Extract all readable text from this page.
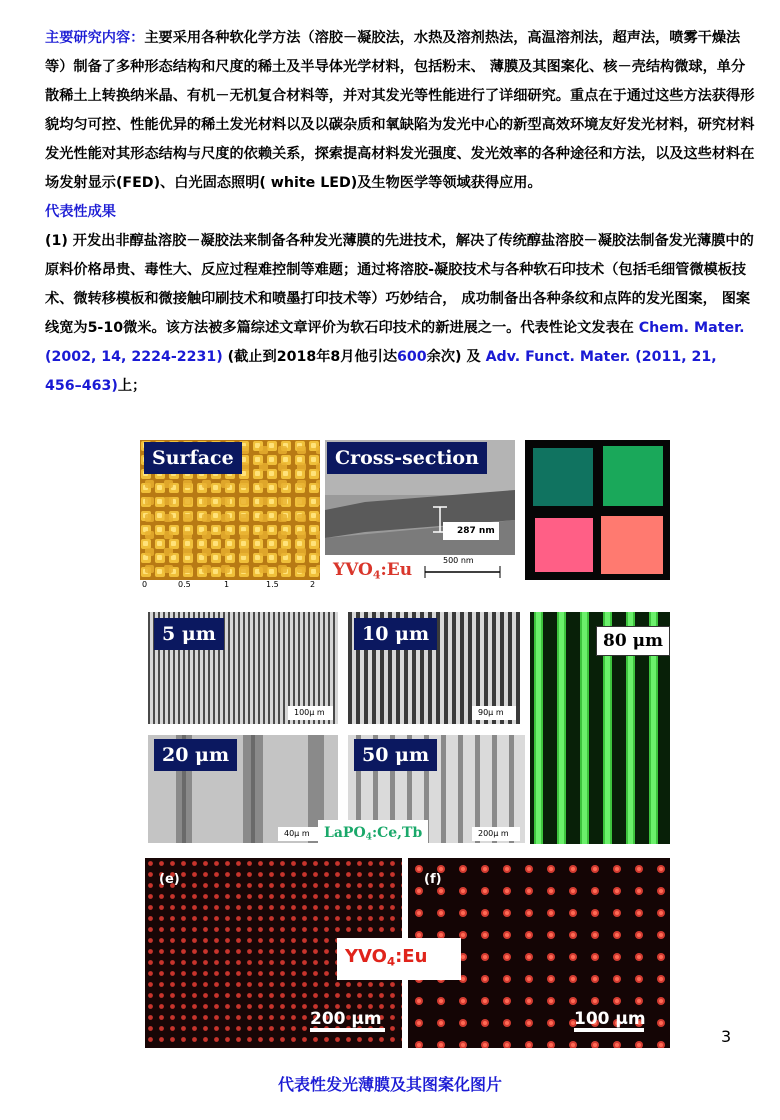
主要研究内容：主要采用各种软化学方法（溶胶－凝胶法，水热及溶剂热法，高温溶剂法，超声法，喷雾干燥法等）制备了多种形态结构和尺度的稀土及半导体光学材料，包括粉末、 薄膜及其图案化、核－壳结构微球，单分散稀土上转换纳米晶、有机－无机复合材料等，并对其发光等性能进行了详细研究。重点在于通过这些方法获得形貌均匀可控、性能优异的稀土发光材料以及以碳杂质和氧缺陷为发光中心的新型高效环境友好发光材料，研究材料发光性能对其形态结构与尺度的依赖关系，探索提高材料发光强度、发光效率的各种途径和方法，以及这些材料在场发射显示(FED)、白光固态照明( white LED)及生物医学等领域获得应用。

代表性成果

(1) 开发出非醇盐溶胶－凝胶法来制备各种发光薄膜的先进技术，解决了传统醇盐溶胶－凝胶法制备发光薄膜中的原料价格昂贵、毒性大、反应过程难控制等难题；通过将溶胶-凝胶技术与各种软石印技术（包括毛细管微模板技术、微转移模板和微接触印刷技术和喷墨打印技术等）巧妙结合， 成功制备出各种条纹和点阵的发光图案， 图案线宽为5-10微米。该方法被多篇综述文章评价为软石印技术的新进展之一。代表性论文发表在 Chem. Mater. (2002, 14, 2224-2231) (截止到2018年8月他引达600余次) 及 Adv. Funct. Mater. (2011, 21, 456–463)上；

Surface
0	0.5	1	1.5	2
Cross-section
287 nm
500 nm
$YVO_4:Eu$
5 μm
100μ m
10 μm
90μ m
80 μm
20 μm
40μ m
50 μm
200μ m
LaPO$_4$:Ce,Tb
(e)
200 μm
(f)
100 μm
$YVO_4:Eu$
3
代表性发光薄膜及其图案化图片
